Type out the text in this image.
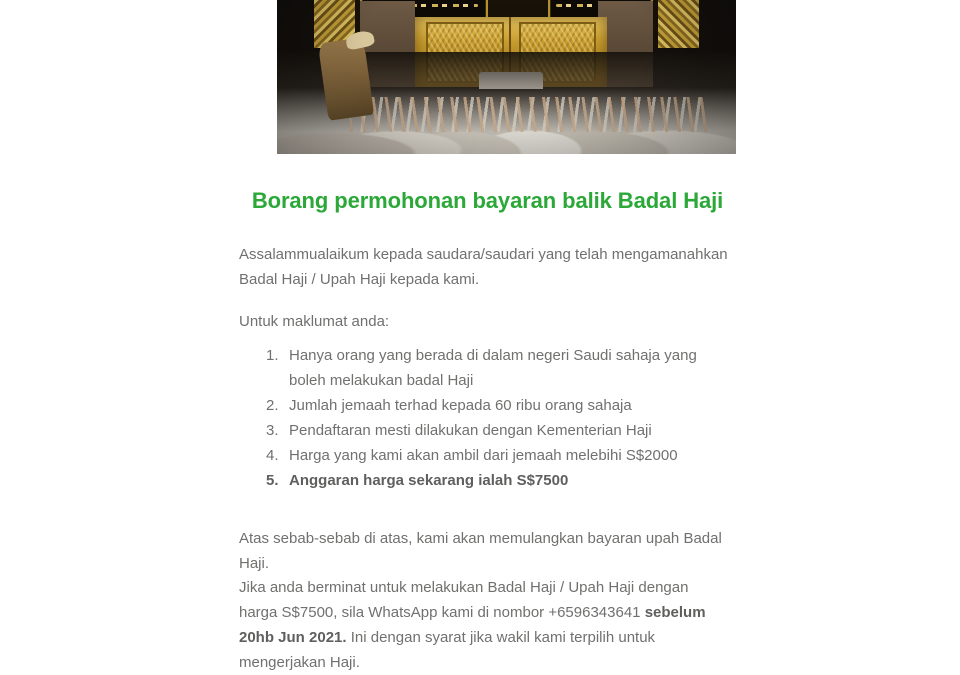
Borang permohonan bayaran balik Badal Haji

Assalammualaikum kepada saudara/saudari yang telah mengamanahkan Badal Haji / Upah Haji kepada kami.

Untuk maklumat anda:

1. Hanya orang yang berada di dalam negeri Saudi sahaja yang boleh melakukan badal Haji
2. Jumlah jemaah terhad kepada 60 ribu orang sahaja
3. Pendaftaran mesti dilakukan dengan Kementerian Haji
4. Harga yang kami akan ambil dari jemaah melebihi S$2000
5. Anggaran harga sekarang ialah S$7500

Atas sebab-sebab di atas, kami akan memulangkan bayaran upah Badal Haji.

Jika anda berminat untuk melakukan Badal Haji / Upah Haji dengan harga S$7500, sila WhatsApp kami di nombor +6596343641 sebelum 20hb Jun 2021. Ini dengan syarat jika wakil kami terpilih untuk mengerjakan Haji.
